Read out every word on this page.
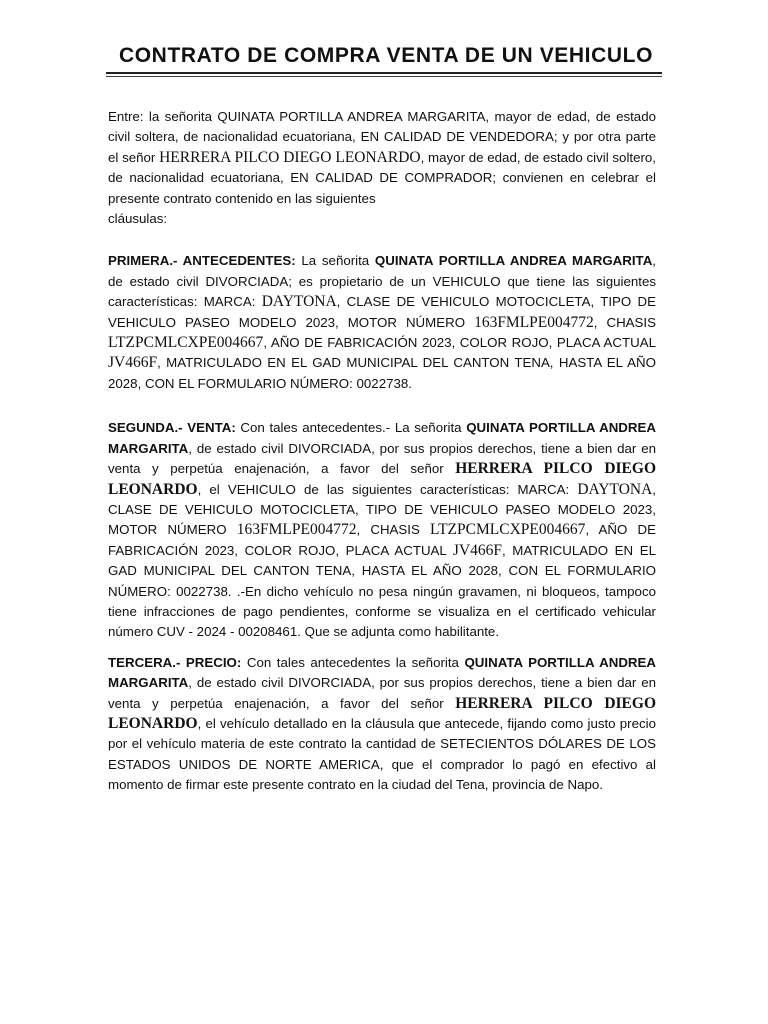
CONTRATO DE COMPRA VENTA DE UN VEHICULO

Entre: la señorita QUINATA PORTILLA ANDREA MARGARITA, mayor de edad, de estado civil soltera, de nacionalidad ecuatoriana, EN CALIDAD DE VENDEDORA; y por otra parte el señor HERRERA PILCO DIEGO LEONARDO, mayor de edad, de estado civil soltero, de nacionalidad ecuatoriana, EN CALIDAD DE COMPRADOR; convienen en celebrar el presente contrato contenido en las siguientes
cláusulas:

PRIMERA.- ANTECEDENTES: La señorita QUINATA PORTILLA ANDREA MARGARITA, de estado civil DIVORCIADA; es propietario de un VEHICULO que tiene las siguientes características: MARCA: DAYTONA, CLASE DE VEHICULO MOTOCICLETA, TIPO DE VEHICULO PASEO MODELO 2023, MOTOR NÚMERO 163FMLPE004772, CHASIS LTZPCMLCXPE004667, AÑO DE FABRICACIÓN 2023, COLOR ROJO, PLACA ACTUAL JV466F, MATRICULADO EN EL GAD MUNICIPAL DEL CANTON TENA, HASTA EL AÑO 2028, CON EL FORMULARIO NÚMERO: 0022738.

SEGUNDA.- VENTA: Con tales antecedentes.- La señorita QUINATA PORTILLA ANDREA MARGARITA, de estado civil DIVORCIADA, por sus propios derechos, tiene a bien dar en venta y perpetúa enajenación, a favor del señor HERRERA PILCO DIEGO LEONARDO, el VEHICULO de las siguientes características: MARCA: DAYTONA, CLASE DE VEHICULO MOTOCICLETA, TIPO DE VEHICULO PASEO MODELO 2023, MOTOR NÚMERO 163FMLPE004772, CHASIS LTZPCMLCXPE004667, AÑO DE FABRICACIÓN 2023, COLOR ROJO, PLACA ACTUAL JV466F, MATRICULADO EN EL GAD MUNICIPAL DEL CANTON TENA, HASTA EL AÑO 2028, CON EL FORMULARIO NÚMERO: 0022738. .-En dicho vehículo no pesa ningún gravamen, ni bloqueos, tampoco tiene infracciones de pago pendientes, conforme se visualiza en el certificado vehicular número CUV - 2024 - 00208461. Que se adjunta como habilitante.

TERCERA.- PRECIO: Con tales antecedentes la señorita QUINATA PORTILLA ANDREA MARGARITA, de estado civil DIVORCIADA, por sus propios derechos, tiene a bien dar en venta y perpetúa enajenación, a favor del señor HERRERA PILCO DIEGO LEONARDO, el vehículo detallado en la cláusula que antecede, fijando como justo precio por el vehículo materia de este contrato la cantidad de SETECIENTOS DÓLARES DE LOS ESTADOS UNIDOS DE NORTE AMERICA, que el comprador lo pagó en efectivo al momento de firmar este presente contrato en la ciudad del Tena, provincia de Napo.
